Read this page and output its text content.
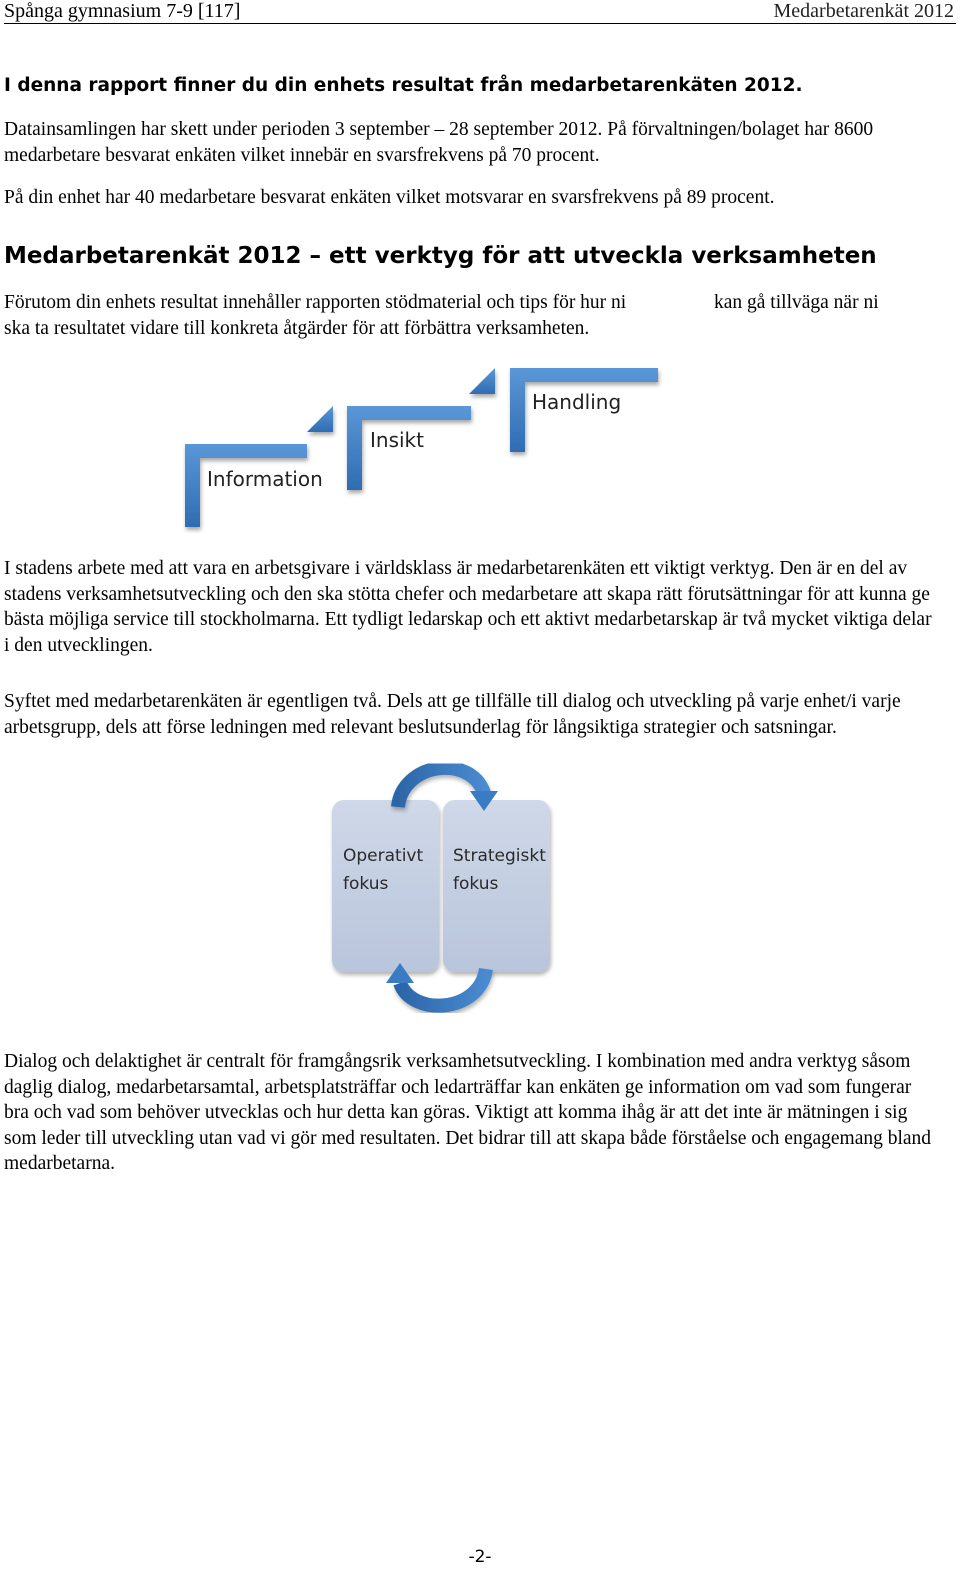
Spånga gymnasium 7-9 [117]	Medarbetarenkät 2012
I denna rapport finner du din enhets resultat från medarbetarenkäten 2012.

Datainsamlingen har skett under perioden 3 september – 28 september 2012. På förvaltningen/bolaget har 8600 medarbetare besvarat enkäten vilket innebär en svarsfrekvens på 70 procent.

På din enhet har 40 medarbetare besvarat enkäten vilket motsvarar en svarsfrekvens på 89 procent.

Medarbetarenkät 2012 – ett verktyg för att utveckla verksamheten
Förutom din enhets resultat innehåller rapporten stödmaterial och tips för hur ni	kan gå tillväga när ni
ska ta resultatet vidare till konkreta åtgärder för att förbättra verksamheten.
Information
Insikt
Handling

I stadens arbete med att vara en arbetsgivare i världsklass är medarbetarenkäten ett viktigt verktyg. Den är en del av stadens verksamhetsutveckling och den ska stötta chefer och medarbetare att skapa rätt förutsättningar för att kunna ge bästa möjliga service till stockholmarna. Ett tydligt ledarskap och ett aktivt medarbetarskap är två mycket viktiga delar i den utvecklingen.

Syftet med medarbetarenkäten är egentligen två. Dels att ge tillfälle till dialog och utveckling på varje enhet/i varje arbetsgrupp, dels att förse ledningen med relevant beslutsunderlag för långsiktiga strategier och satsningar.

Operativt
fokus
Strategiskt
fokus

Dialog och delaktighet är centralt för framgångsrik verksamhetsutveckling. I kombination med andra verktyg såsom daglig dialog, medarbetarsamtal, arbetsplatsträffar och ledarträffar kan enkäten ge information om vad som fungerar bra och vad som behöver utvecklas och hur detta kan göras. Viktigt att komma ihåg är att det inte är mätningen i sig som leder till utveckling utan vad vi gör med resultaten. Det bidrar till att skapa både förståelse och engagemang bland medarbetarna.

-2-
